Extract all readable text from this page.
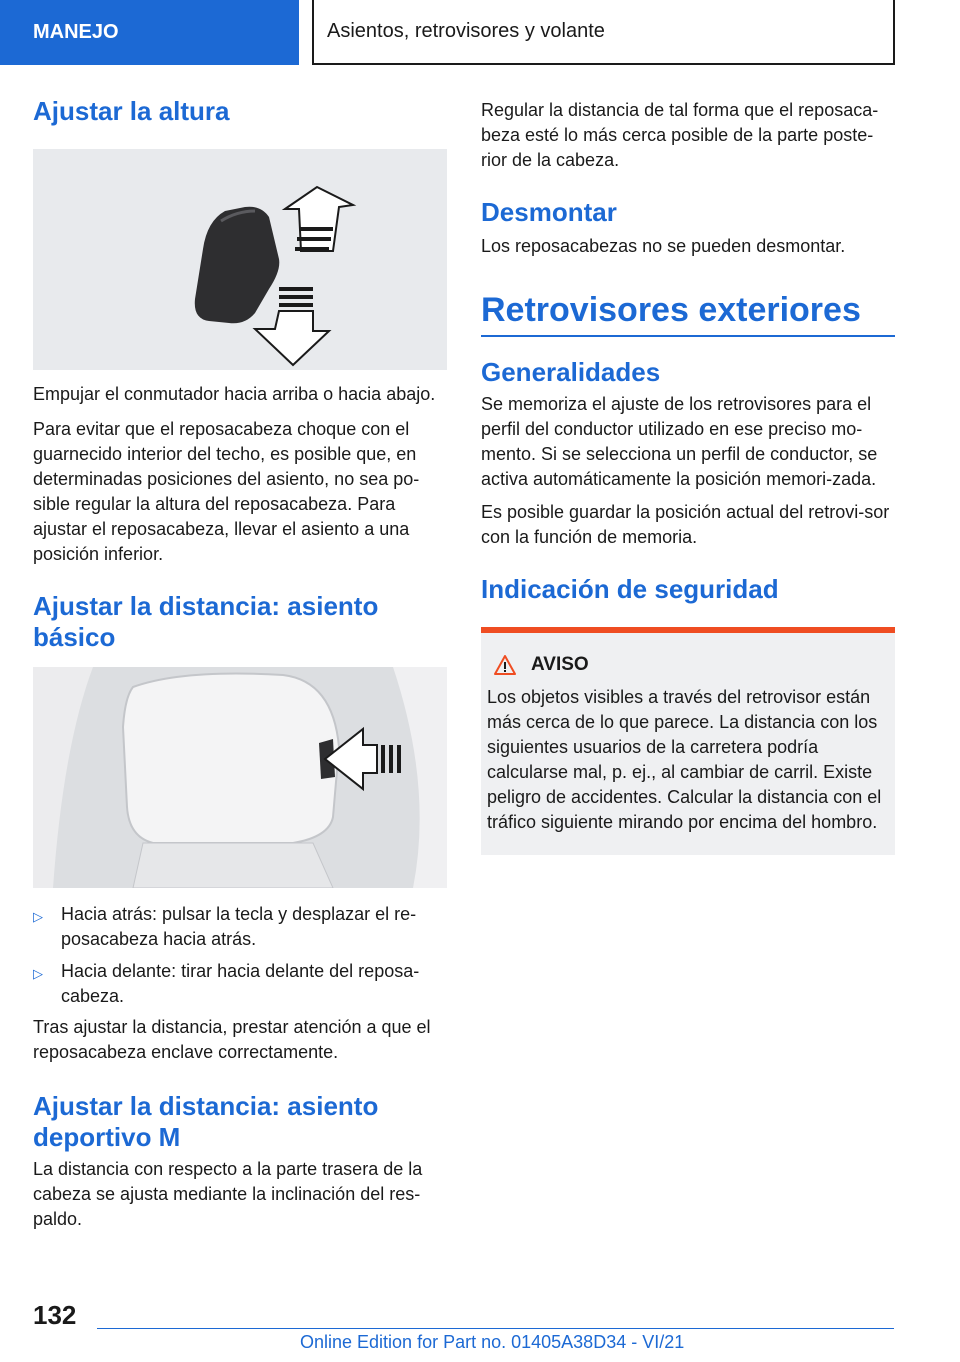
MANEJO	Asientos, retrovisores y volante
Ajustar la altura

Empujar el conmutador hacia arriba o hacia abajo.

Para evitar que el reposacabeza choque con el guarnecido interior del techo, es posible que, en determinadas posiciones del asiento, no sea po-sible regular la altura del reposacabeza. Para ajustar el reposacabeza, llevar el asiento a una posición inferior.

Ajustar la distancia: asiento básico
▷	Hacia atrás: pulsar la tecla y desplazar el re-posacabeza hacia atrás.
▷	Hacia delante: tirar hacia delante del reposa-cabeza.

Tras ajustar la distancia, prestar atención a que el reposacabeza enclave correctamente.

Ajustar la distancia: asiento deportivo M

La distancia con respecto a la parte trasera de la cabeza se ajusta mediante la inclinación del res-paldo.

Regular la distancia de tal forma que el reposaca-beza esté lo más cerca posible de la parte poste-rior de la cabeza.

Desmontar

Los reposacabezas no se pueden desmontar.

Retrovisores exteriores
Generalidades

Se memoriza el ajuste de los retrovisores para el perfil del conductor utilizado en ese preciso mo-mento. Si se selecciona un perfil de conductor, se activa automáticamente la posición memori-zada.

Es posible guardar la posición actual del retrovi-sor con la función de memoria.

Indicación de seguridad
AVISO
Los objetos visibles a través del retrovisor están más cerca de lo que parece. La distancia con los siguientes usuarios de la carretera podría calcularse mal, p. ej., al cambiar de carril. Existe peligro de accidentes. Calcular la distancia con el tráfico siguiente mirando por encima del hombro.
132
Online Edition for Part no. 01405A38D34 - VI/21
